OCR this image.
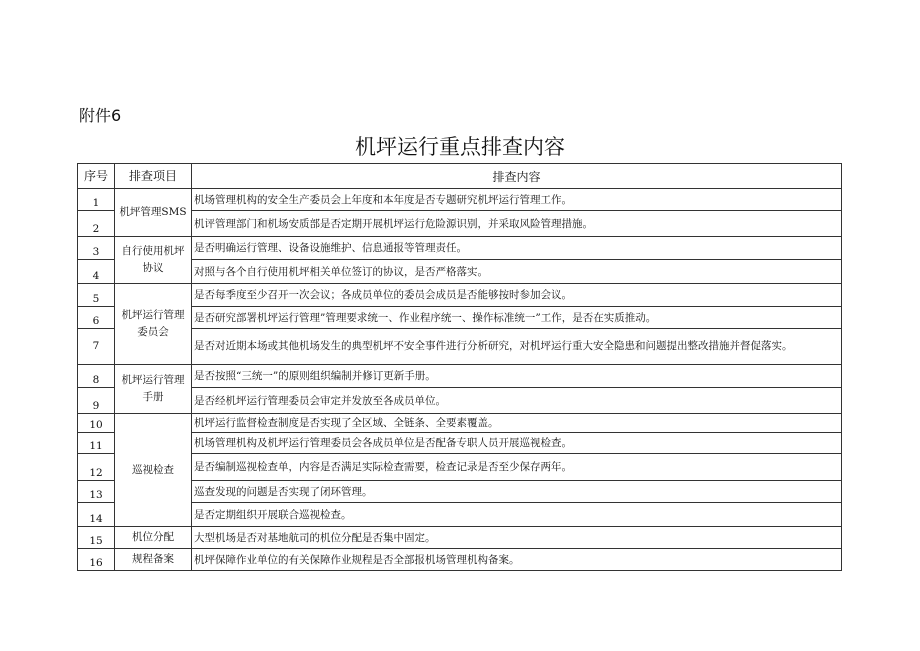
附件6
机坪运行重点排查内容
序号	排查项目	排查内容
1	机坪管理SMS	机场管理机构的安全生产委员会上年度和本年度是否专题研究机坪运行管理工作。
2		机评管理部门和机场安质部是否定期开展机坪运行危险源识别，并采取风险管理措施。
3	自行使用机坪协议	是否明确运行管理、设备设施维护、信息通报等管理责任。
4		对照与各个自行使用机坪相关单位签订的协议，是否严格落实。
5	机坪运行管理委员会	是否每季度至少召开一次会议；各成员单位的委员会成员是否能够按时参加会议。
6		是否研究部署机坪运行管理”管理要求统一、作业程序统一、操作标准统一”工作，是否在实质推动。
7		是否对近期本场或其他机场发生的典型机坪不安全事件进行分析研究，对机坪运行重大安全隐患和问题提出整改措施并督促落实。
8	机坪运行管理手册	是否按照“三统一”的原则组织编制并修订更新手册。
9		是否经机坪运行管理委员会审定并发放至各成员单位。
10	巡视检查	机坪运行监督检查制度是否实现了全区域、全链条、全要素覆盖。
11		机场管理机构及机坪运行管理委员会各成员单位是否配备专职人员开展巡视检查。
12		是否编制巡视检查单，内容是否满足实际检查需要，检查记录是否至少保存两年。
13		巡查发现的问题是否实现了闭环管理。
14		是否定期组织开展联合巡视检查。
15	机位分配	大型机场是否对基地航司的机位分配是否集中固定。
16	规程备案	机坪保障作业单位的有关保障作业规程是否全部报机场管理机构备案。
